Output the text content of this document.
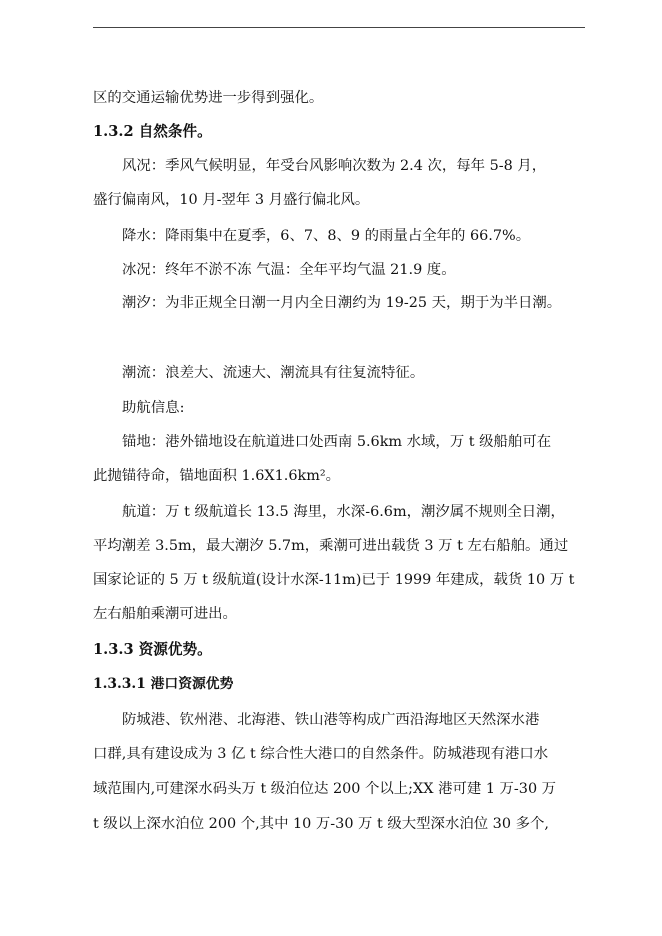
区的交通运输优势进一步得到强化。
1.3.2 自然条件。
风况：季风气候明显，年受台风影响次数为 2.4 次，每年 5-8 月，
盛行偏南风，10 月-翌年 3 月盛行偏北风。
降水：降雨集中在夏季，6、7、8、9 的雨量占全年的 66.7%。
冰况：终年不淤不冻 气温：全年平均气温 21.9 度。
潮汐：为非正规全日潮一月内全日潮约为 19-25 天，期于为半日潮。
潮流：浪差大、流速大、潮流具有往复流特征。
助航信息:
锚地：港外锚地设在航道进口处西南 5.6km 水域，万 t 级船舶可在
此抛锚待命，锚地面积 1.6X1.6km²。
航道：万 t 级航道长 13.5 海里，水深-6.6m，潮汐属不规则全日潮，
平均潮差 3.5m，最大潮汐 5.7m，乘潮可进出载货 3 万 t 左右船舶。通过
国家论证的 5 万 t 级航道(设计水深-11m)已于 1999 年建成，载货 10 万 t
左右船舶乘潮可进出。
1.3.3 资源优势。
1.3.3.1 港口资源优势
防城港、钦州港、北海港、铁山港等构成广西沿海地区天然深水港
口群,具有建设成为 3 亿 t 综合性大港口的自然条件。防城港现有港口水
域范围内,可建深水码头万 t 级泊位达 200 个以上;XX 港可建 1 万-30 万
t 级以上深水泊位 200 个,其中 10 万-30 万 t 级大型深水泊位 30 多个,
